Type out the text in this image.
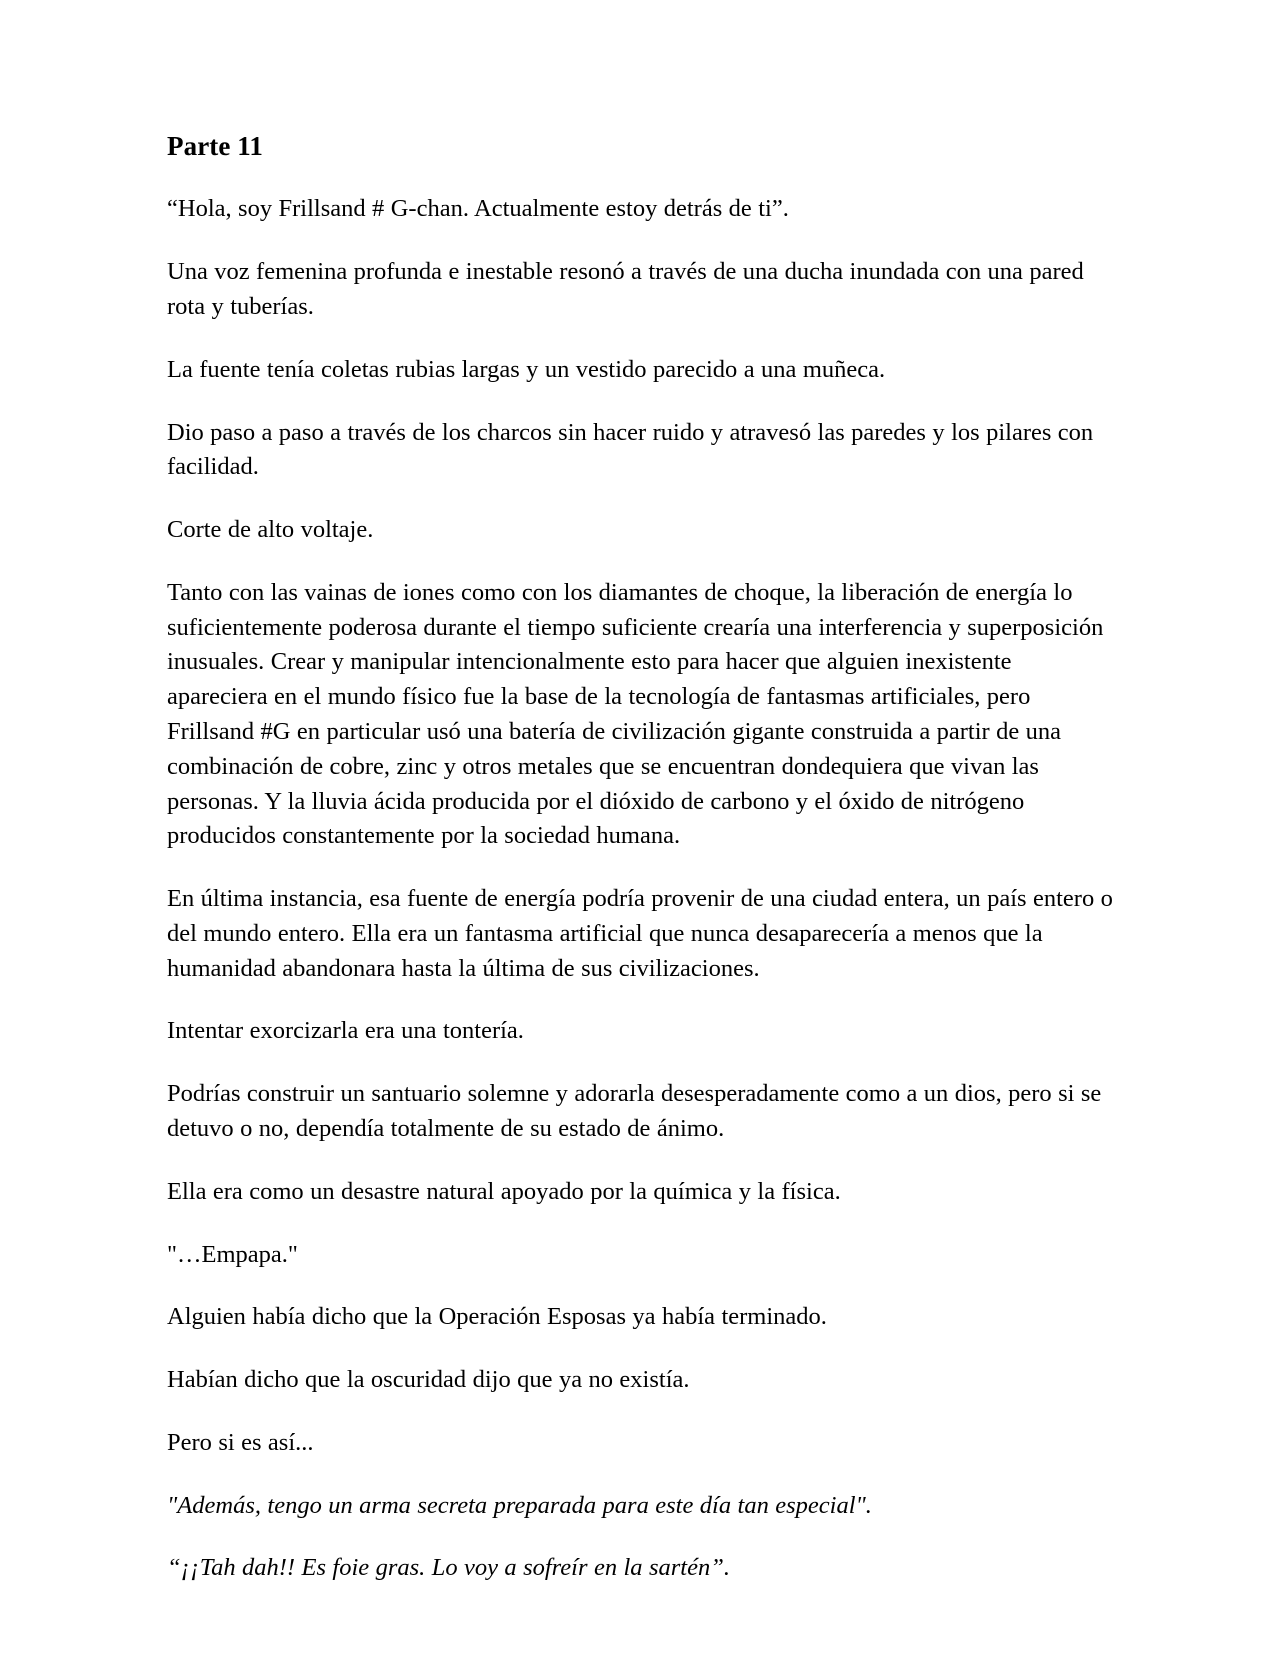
Parte 11

“Hola, soy Frillsand # G-chan. Actualmente estoy detrás de ti”.

Una voz femenina profunda e inestable resonó a través de una ducha inundada con una pared rota y tuberías.

La fuente tenía coletas rubias largas y un vestido parecido a una muñeca.

Dio paso a paso a través de los charcos sin hacer ruido y atravesó las paredes y los pilares con facilidad.

Corte de alto voltaje.

Tanto con las vainas de iones como con los diamantes de choque, la liberación de energía lo suficientemente poderosa durante el tiempo suficiente crearía una interferencia y superposición inusuales. Crear y manipular intencionalmente esto para hacer que alguien inexistente apareciera en el mundo físico fue la base de la tecnología de fantasmas artificiales, pero Frillsand #G en particular usó una batería de civilización gigante construida a partir de una combinación de cobre, zinc y otros metales que se encuentran dondequiera que vivan las personas. Y la lluvia ácida producida por el dióxido de carbono y el óxido de nitrógeno producidos constantemente por la sociedad humana.

En última instancia, esa fuente de energía podría provenir de una ciudad entera, un país entero o del mundo entero. Ella era un fantasma artificial que nunca desaparecería a menos que la humanidad abandonara hasta la última de sus civilizaciones.

Intentar exorcizarla era una tontería.

Podrías construir un santuario solemne y adorarla desesperadamente como a un dios, pero si se detuvo o no, dependía totalmente de su estado de ánimo.

Ella era como un desastre natural apoyado por la química y la física.

"…Empapa."

Alguien había dicho que la Operación Esposas ya había terminado.

Habían dicho que la oscuridad dijo que ya no existía.

Pero si es así...

"Además, tengo un arma secreta preparada para este día tan especial".

“¡¡Tah dah!! Es foie gras. Lo voy a sofreír en la sartén”.
